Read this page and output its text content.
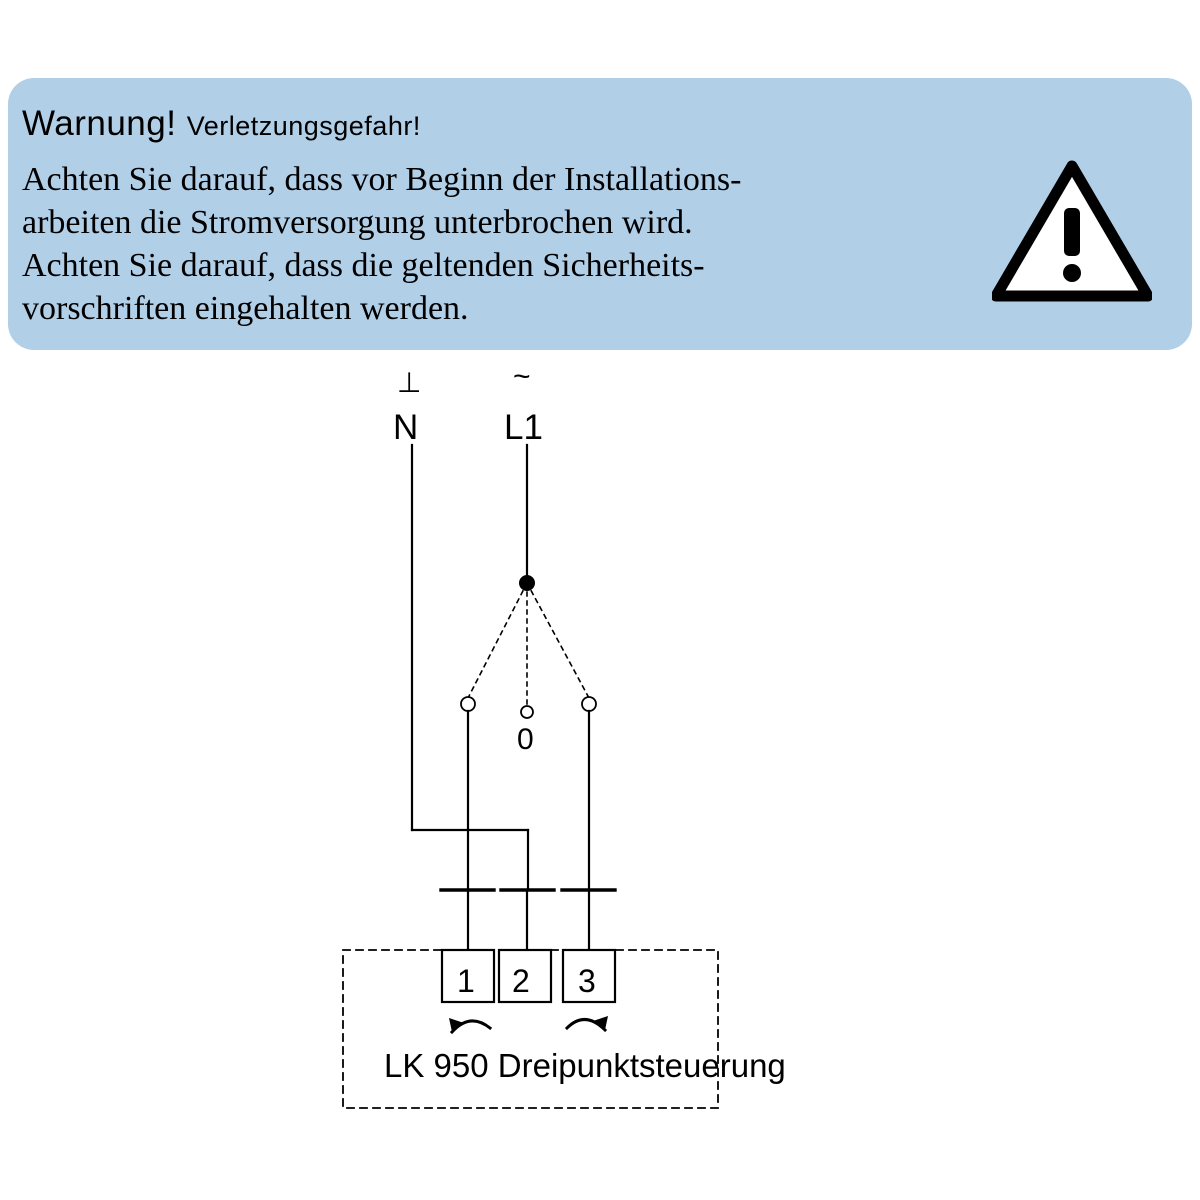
Warnung! Verletzungsgefahr!
Achten Sie darauf, dass vor Beginn der Installations-
arbeiten die Stromversorgung unterbrochen wird.
Achten Sie darauf, dass die geltenden Sicherheits-
vorschriften eingehalten werden.
⊥	~
N L1
0
1 2 3
LK 950 Dreipunktsteuerung
